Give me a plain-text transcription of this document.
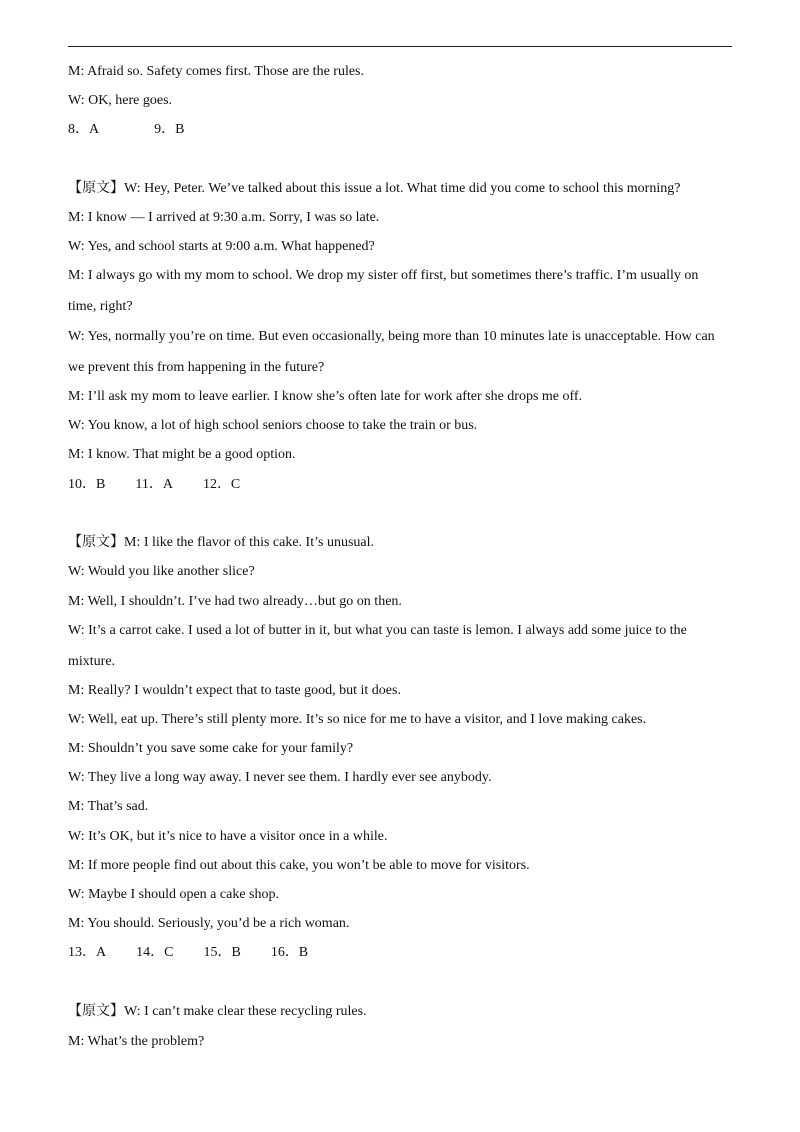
M: Afraid so. Safety comes first. Those are the rules.
W: OK, here goes.
8．A	9．B
【原文】W: Hey, Peter. We’ve talked about this issue a lot. What time did you come to school this morning?
M: I know — I arrived at 9:30 a.m. Sorry, I was so late.
W: Yes, and school starts at 9:00 a.m. What happened?
M: I always go with my mom to school. We drop my sister off first, but sometimes there’s traffic. I’m usually on
time, right?
W: Yes, normally you’re on time. But even occasionally, being more than 10 minutes late is unacceptable. How can
we prevent this from happening in the future?
M: I’ll ask my mom to leave earlier. I know she’s often late for work after she drops me off.
W: You know, a lot of high school seniors choose to take the train or bus.
M: I know. That might be a good option.
10．B 11．A 12．C
【原文】M: I like the flavor of this cake. It’s unusual.
W: Would you like another slice?
M: Well, I shouldn’t. I’ve had two already…but go on then.
W: It’s a carrot cake. I used a lot of butter in it, but what you can taste is lemon. I always add some juice to the
mixture.
M: Really? I wouldn’t expect that to taste good, but it does.
W: Well, eat up. There’s still plenty more. It’s so nice for me to have a visitor, and I love making cakes.
M: Shouldn’t you save some cake for your family?
W: They live a long way away. I never see them. I hardly ever see anybody.
M: That’s sad.
W: It’s OK, but it’s nice to have a visitor once in a while.
M: If more people find out about this cake, you won’t be able to move for visitors.
W: Maybe I should open a cake shop.
M: You should. Seriously, you’d be a rich woman.
13．A 14．C 15．B 16．B
【原文】W: I can’t make clear these recycling rules.
M: What’s the problem?
